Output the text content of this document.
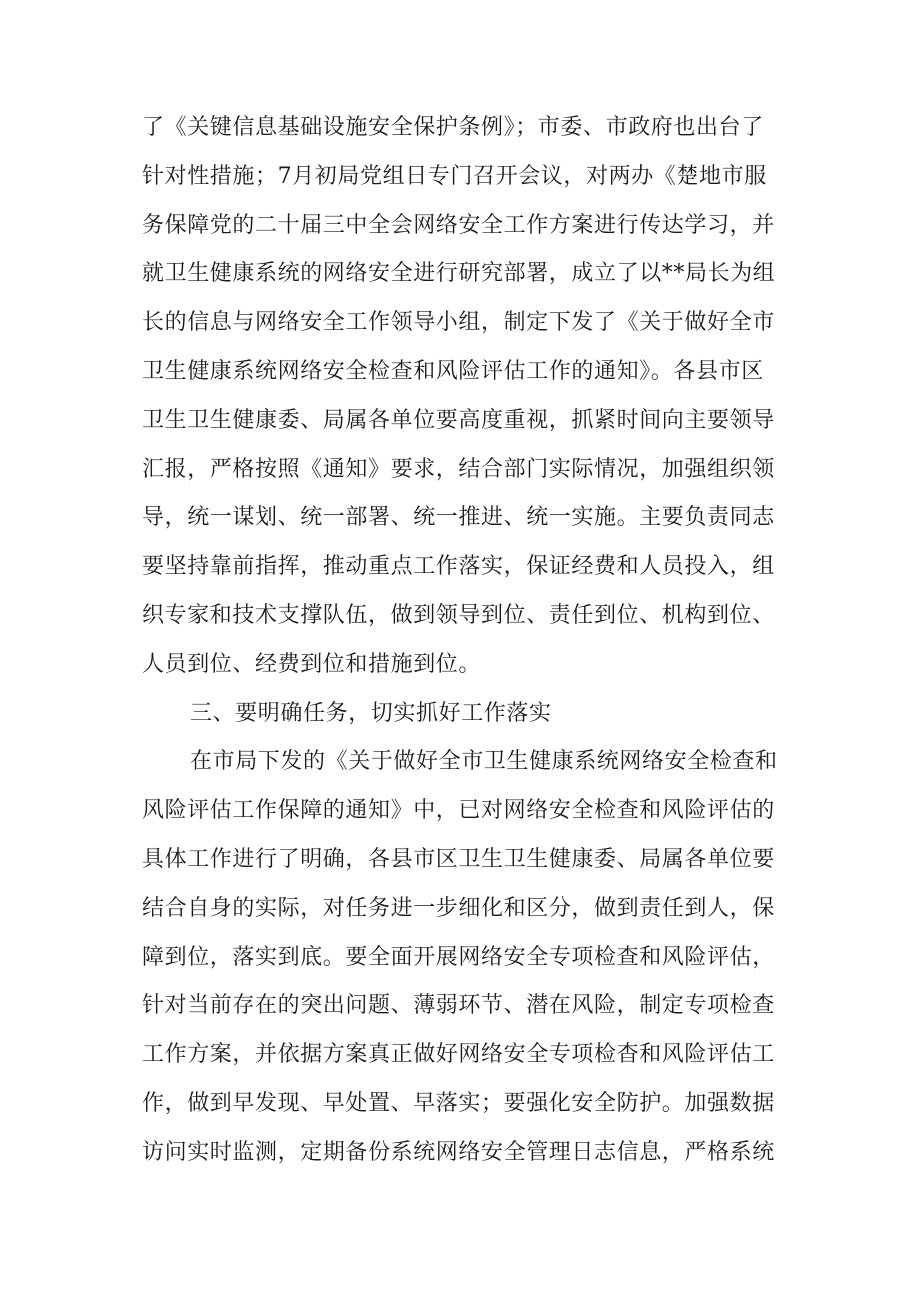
了《关键信息基础设施安全保护条例》；市委、市政府也出台了
针对性措施；7月初局党组日专门召开会议，对两办《楚地市服
务保障党的二十届三中全会网络安全工作方案进行传达学习，并
就卫生健康系统的网络安全进行研究部署，成立了以**局长为组
长的信息与网络安全工作领导小组，制定下发了《关于做好全市
卫生健康系统网络安全检查和风险评估工作的通知》。各县市区
卫生卫生健康委、局属各单位要高度重视，抓紧时间向主要领导
汇报，严格按照《通知》要求，结合部门实际情况，加强组织领
导，统一谋划、统一部署、统一推进、统一实施。主要负责同志
要坚持靠前指挥，推动重点工作落实，保证经费和人员投入，组
织专家和技术支撑队伍，做到领导到位、责任到位、机构到位、
人员到位、经费到位和措施到位。
三、要明确任务，切实抓好工作落实
在市局下发的《关于做好全市卫生健康系统网络安全检查和
风险评估工作保障的通知》中，已对网络安全检查和风险评估的
具体工作进行了明确，各县市区卫生卫生健康委、局属各单位要
结合自身的实际，对任务进一步细化和区分，做到责任到人，保
障到位，落实到底。要全面开展网络安全专项检查和风险评估，
针对当前存在的突出问题、薄弱环节、潜在风险，制定专项检查
工作方案，并依据方案真正做好网络安全专项检杳和风险评估工
作，做到早发现、早处置、早落实；要强化安全防护。加强数据
访问实时监测，定期备份系统网络安全管理日志信息，严格系统
